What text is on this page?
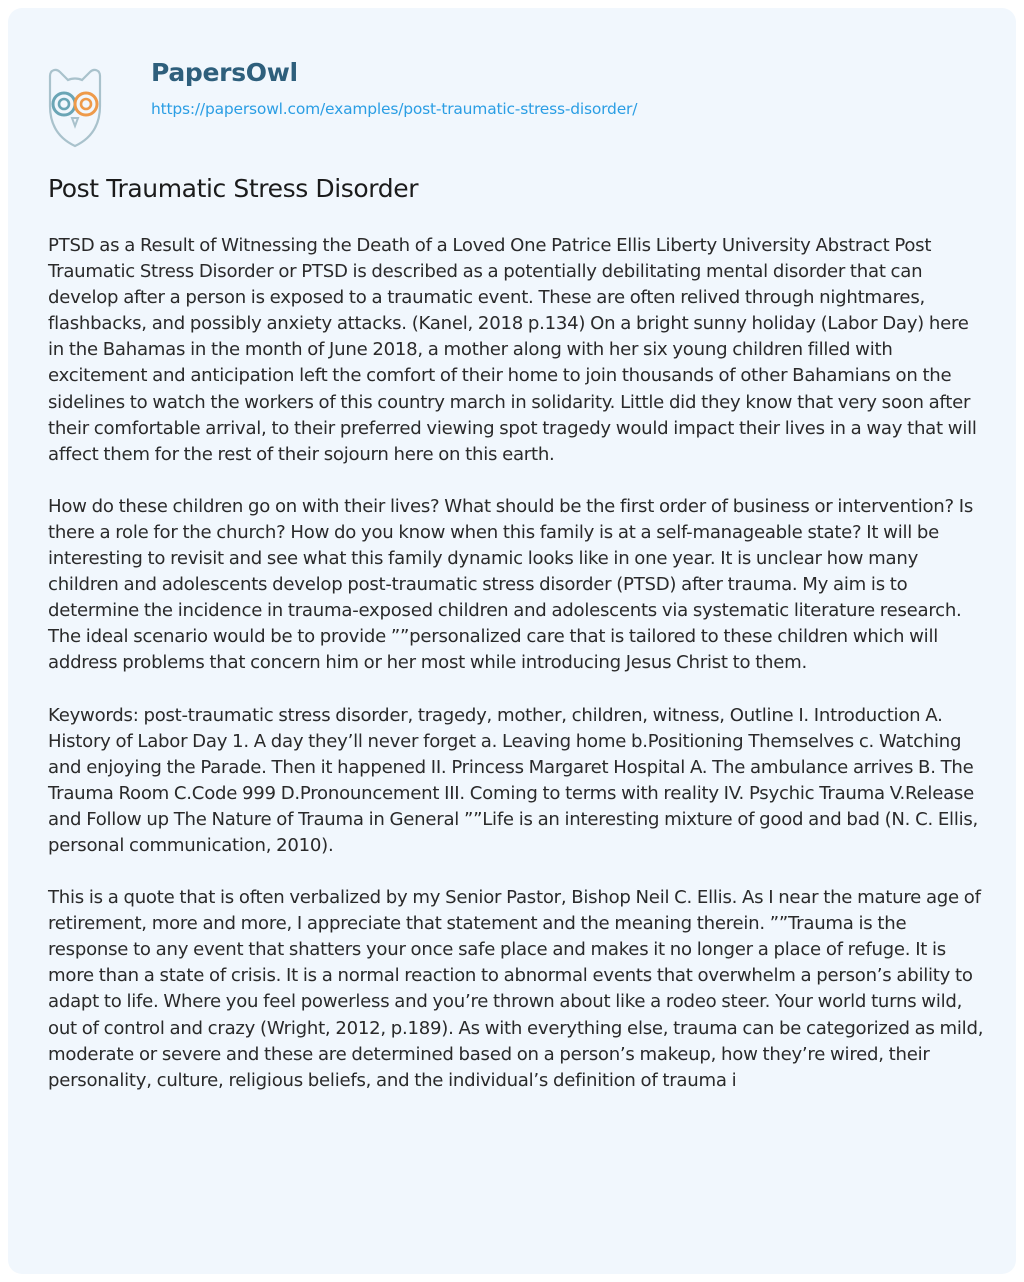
PapersOwl
https://papersowl.com/examples/post-traumatic-stress-disorder/
Post Traumatic Stress Disorder

PTSD as a Result of Witnessing the Death of a Loved One Patrice Ellis Liberty University Abstract Post Traumatic Stress Disorder or PTSD is described as a potentially debilitating mental disorder that can develop after a person is exposed to a traumatic event. These are often relived through nightmares, flashbacks, and possibly anxiety attacks. (Kanel, 2018 p.134) On a bright sunny holiday (Labor Day) here in the Bahamas in the month of June 2018, a mother along with her six young children filled with excitement and anticipation left the comfort of their home to join thousands of other Bahamians on the sidelines to watch the workers of this country march in solidarity. Little did they know that very soon after their comfortable arrival, to their preferred viewing spot tragedy would impact their lives in a way that will affect them for the rest of their sojourn here on this earth.

How do these children go on with their lives? What should be the first order of business or intervention? Is there a role for the church? How do you know when this family is at a self-manageable state? It will be interesting to revisit and see what this family dynamic looks like in one year. It is unclear how many children and adolescents develop post-traumatic stress disorder (PTSD) after trauma. My aim is to determine the incidence in trauma-exposed children and adolescents via systematic literature research. The ideal scenario would be to provide ””personalized care that is tailored to these children which will address problems that concern him or her most while introducing Jesus Christ to them.

Keywords: post-traumatic stress disorder, tragedy, mother, children, witness, Outline I. Introduction A. History of Labor Day 1. A day they’ll never forget a. Leaving home b.Positioning Themselves c. Watching and enjoying the Parade. Then it happened II. Princess Margaret Hospital A. The ambulance arrives B. The Trauma Room C.Code 999 D.Pronouncement III. Coming to terms with reality IV. Psychic Trauma V.Release and Follow up The Nature of Trauma in General ””Life is an interesting mixture of good and bad (N. C. Ellis, personal communication, 2010).

This is a quote that is often verbalized by my Senior Pastor, Bishop Neil C. Ellis. As I near the mature age of retirement, more and more, I appreciate that statement and the meaning therein. ””Trauma is the response to any event that shatters your once safe place and makes it no longer a place of refuge. It is more than a state of crisis. It is a normal reaction to abnormal events that overwhelm a person’s ability to adapt to life. Where you feel powerless and you’re thrown about like a rodeo steer. Your world turns wild, out of control and crazy (Wright, 2012, p.189). As with everything else, trauma can be categorized as mild, moderate or severe and these are determined based on a person’s makeup, how they’re wired, their personality, culture, religious beliefs, and the individual’s definition of trauma i
